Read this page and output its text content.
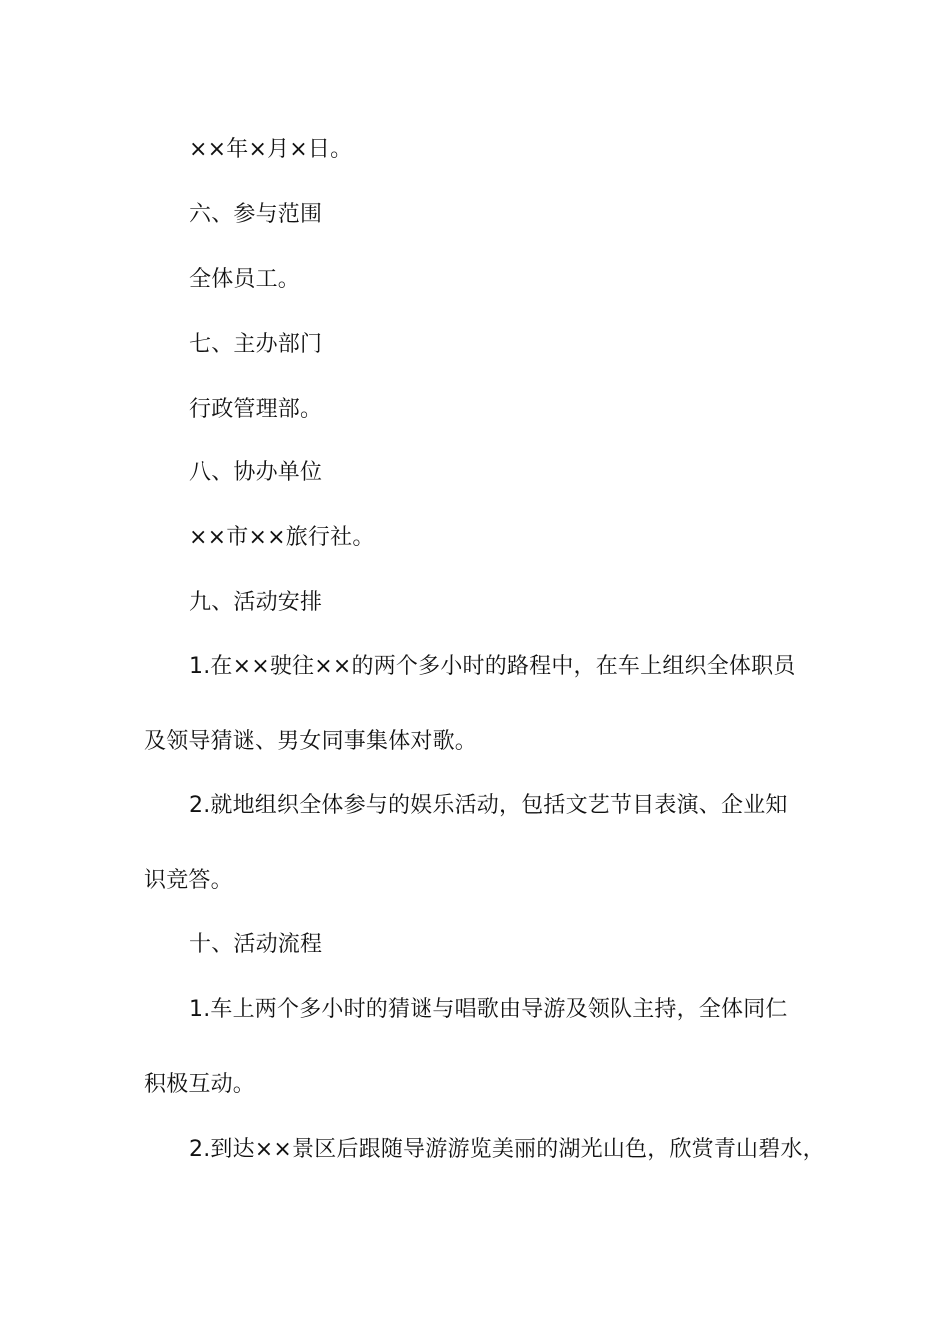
××年×月×日。

六、参与范围

全体员工。

七、主办部门

行政管理部。

八、协办单位

××市××旅行社。

九、活动安排

1.在××驶往××的两个多小时的路程中，在车上组织全体职员

及领导猜谜、男女同事集体对歌。

2.就地组织全体参与的娱乐活动，包括文艺节目表演、企业知

识竞答。

十、活动流程

1.车上两个多小时的猜谜与唱歌由导游及领队主持，全体同仁

积极互动。

2.到达××景区后跟随导游游览美丽的湖光山色，欣赏青山碧水，
